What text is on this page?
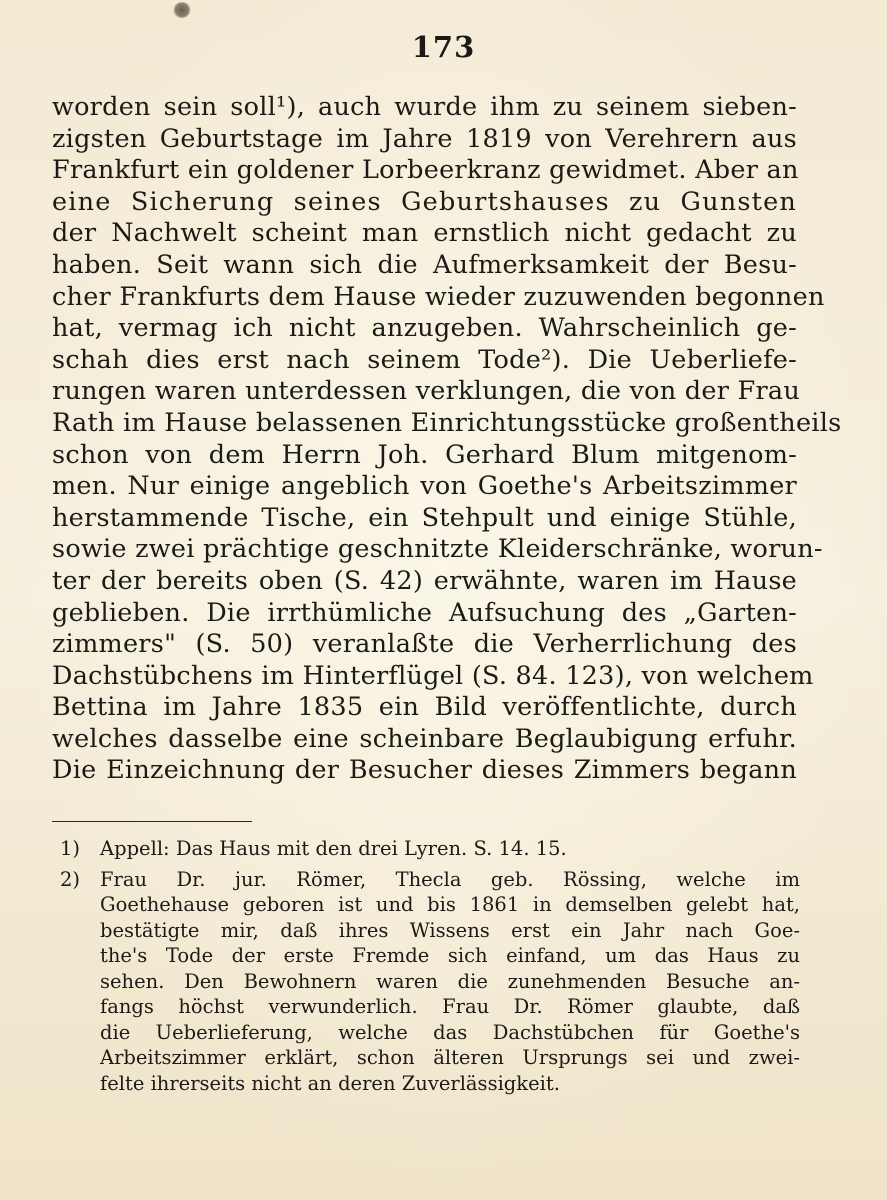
173
worden sein soll¹), auch wurde ihm zu seinem sieben-
zigsten Geburtstage im Jahre 1819 von Verehrern aus
Frankfurt ein goldener Lorbeerkranz gewidmet. Aber an
eine Sicherung seines Geburtshauses zu Gunsten
der Nachwelt scheint man ernstlich nicht gedacht zu
haben. Seit wann sich die Aufmerksamkeit der Besu-
cher Frankfurts dem Hause wieder zuzuwenden begonnen
hat, vermag ich nicht anzugeben. Wahrscheinlich ge-
schah dies erst nach seinem Tode²). Die Ueberliefe-
rungen waren unterdessen verklungen, die von der Frau
Rath im Hause belassenen Einrichtungsstücke großentheils
schon von dem Herrn Joh. Gerhard Blum mitgenom-
men. Nur einige angeblich von Goethe's Arbeitszimmer
herstammende Tische, ein Stehpult und einige Stühle,
sowie zwei prächtige geschnitzte Kleiderschränke, worun-
ter der bereits oben (S. 42) erwähnte, waren im Hause
geblieben. Die irrthümliche Aufsuchung des „Garten-
zimmers" (S. 50) veranlaßte die Verherrlichung des
Dachstübchens im Hinterflügel (S. 84. 123), von welchem
Bettina im Jahre 1835 ein Bild veröffentlichte, durch
welches dasselbe eine scheinbare Beglaubigung erfuhr.
Die Einzeichnung der Besucher dieses Zimmers begann
1) Appell: Das Haus mit den drei Lyren. S. 14. 15.
2) Frau Dr. jur. Römer, Thecla geb. Rössing, welche im
Goethehause geboren ist und bis 1861 in demselben gelebt hat,
bestätigte mir, daß ihres Wissens erst ein Jahr nach Goe-
the's Tode der erste Fremde sich einfand, um das Haus zu
sehen. Den Bewohnern waren die zunehmenden Besuche an-
fangs höchst verwunderlich. Frau Dr. Römer glaubte, daß
die Ueberlieferung, welche das Dachstübchen für Goethe's
Arbeitszimmer erklärt, schon älteren Ursprungs sei und zwei-
felte ihrerseits nicht an deren Zuverlässigkeit.
